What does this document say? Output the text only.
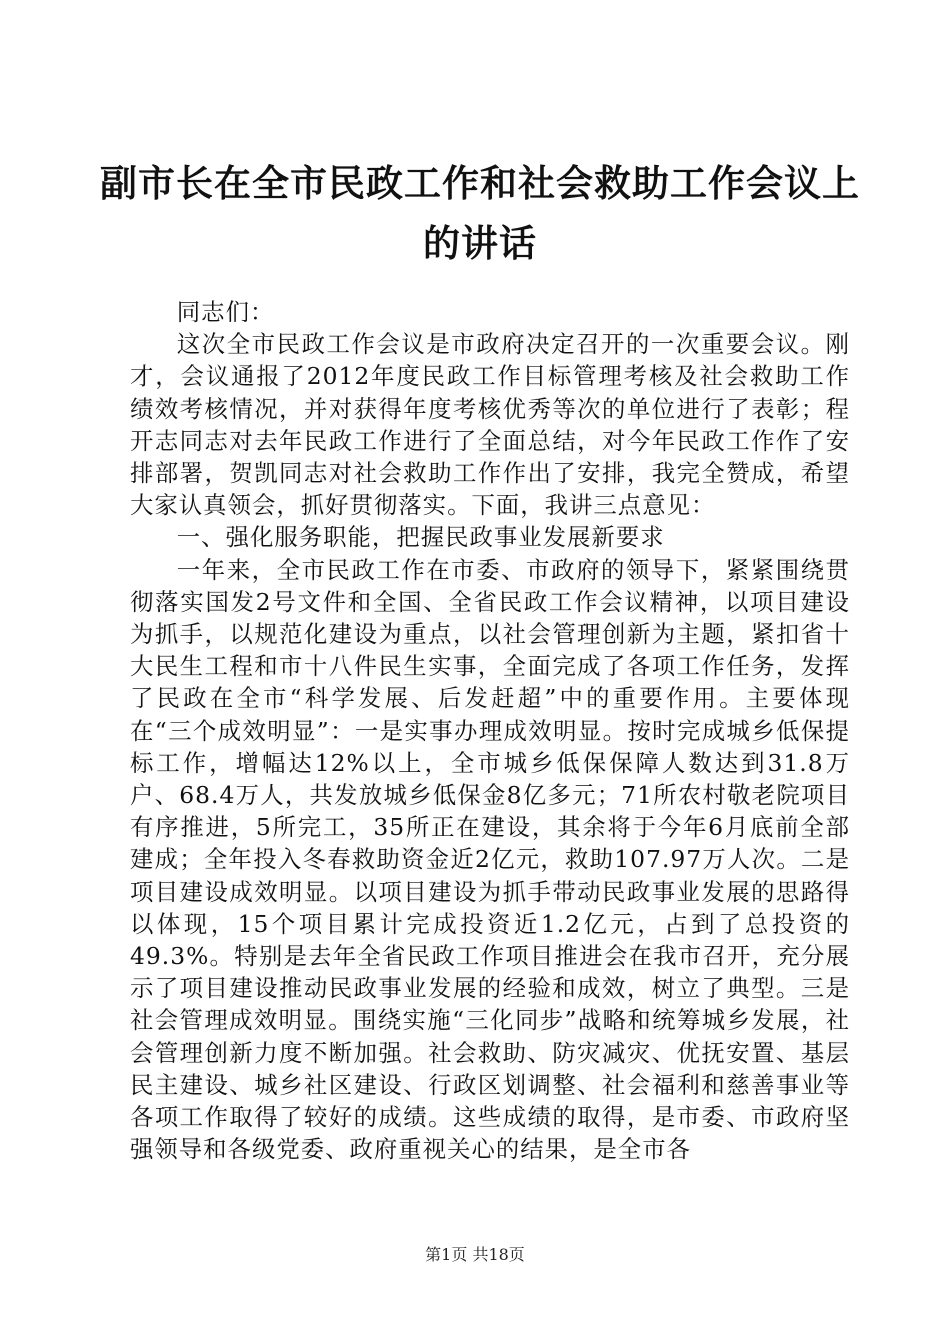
副市长在全市民政工作和社会救助工作会议上
的讲话

同志们：

这次全市民政工作会议是市政府决定召开的一次重要会议。刚才，会议通报了2012年度民政工作目标管理考核及社会救助工作绩效考核情况，并对获得年度考核优秀等次的单位进行了表彰；程开志同志对去年民政工作进行了全面总结，对今年民政工作作了安排部署，贺凯同志对社会救助工作作出了安排，我完全赞成，希望大家认真领会，抓好贯彻落实。下面，我讲三点意见：

一、强化服务职能，把握民政事业发展新要求

一年来，全市民政工作在市委、市政府的领导下，紧紧围绕贯彻落实国发2号文件和全国、全省民政工作会议精神，以项目建设为抓手，以规范化建设为重点，以社会管理创新为主题，紧扣省十大民生工程和市十八件民生实事，全面完成了各项工作任务，发挥了民政在全市“科学发展、后发赶超”中的重要作用。主要体现在“三个成效明显”：一是实事办理成效明显。按时完成城乡低保提标工作，增幅达12%以上，全市城乡低保保障人数达到31.8万户、68.4万人，共发放城乡低保金8亿多元；71所农村敬老院项目有序推进，5所完工，35所正在建设，其余将于今年6月底前全部建成；全年投入冬春救助资金近2亿元，救助107.97万人次。二是项目建设成效明显。以项目建设为抓手带动民政事业发展的思路得以体现，15个项目累计完成投资近1.2亿元，占到了总投资的49.3%。特别是去年全省民政工作项目推进会在我市召开，充分展示了项目建设推动民政事业发展的经验和成效，树立了典型。三是社会管理成效明显。围绕实施“三化同步”战略和统筹城乡发展，社会管理创新力度不断加强。社会救助、防灾减灾、优抚安置、基层民主建设、城乡社区建设、行政区划调整、社会福利和慈善事业等各项工作取得了较好的成绩。这些成绩的取得，是市委、市政府坚强领导和各级党委、政府重视关心的结果，是全市各

第1页 共18页
